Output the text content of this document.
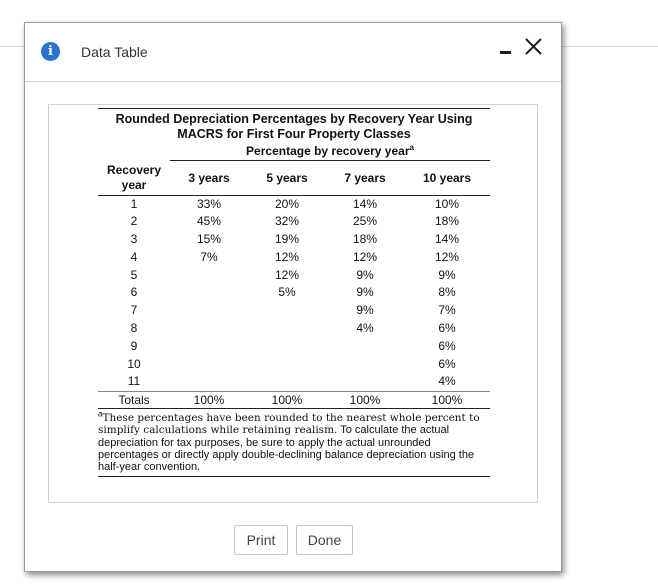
i	Data Table
Rounded Depreciation Percentages by Recovery Year Using
MACRS for First Four Property Classes
	Percentage by recovery year$^a$

Recovery year	3 years	5 years	7 years	10 years
1	33%	20%	14%	10%
2	45%	32%	25%	18%
3	15%	19%	18%	14%
4	7%	12%	12%	12%
5		12%	9%	9%
6		5%	9%	8%
7			9%	7%
8			4%	6%
9				6%
10				6%
11				4%
Totals	100%	100%	100%	100%
$^a$These percentages have been rounded to the nearest whole percent to simplify calculations while retaining realism. To calculate the actual depreciation for tax purposes, be sure to apply the actual unrounded percentages or directly apply double-declining balance depreciation using the half-year convention.
Print	Done
